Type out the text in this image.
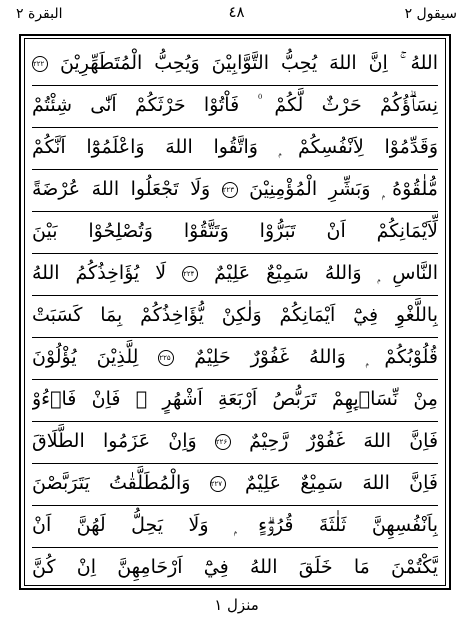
البقرة ٢	٤٨	سيقول ٢
اللهُ ۚ اِنَّ اللهَ يُحِبُّ التَّوَّابِيْنَ وَيُحِبُّ الْمُتَطَهِّرِيْنَ ۲۲۲
نِسَاۗؤُكُمْ حَرْثٌ لَّكُمْ ۠ فَاْتُوْا حَرْثَكُمْ اَنّٰى شِئْتُمْ
وَقَدِّمُوْا لِاَنْفُسِكُمْ ۭ وَاتَّقُوا اللهَ وَاعْلَمُوْٓا اَنَّكُمْ
مُّلٰقُوْهُ ۭ وَبَشِّرِ الْمُؤْمِنِيْنَ ۲۲۳ وَلَا تَجْعَلُوا اللهَ عُرْضَةً
لِّاَيْمَانِكُمْ اَنْ تَبَرُّوْا وَتَتَّقُوْا وَتُصْلِحُوْا بَيْنَ
النَّاسِ ۭ وَاللهُ سَمِيْعٌ عَلِيْمٌ ۲۲۴ لَا يُؤَاخِذُكُمُ اللهُ
بِاللَّغْوِ فِيْٓ اَيْمَانِكُمْ وَلٰكِنْ يُّؤَاخِذُكُمْ بِمَا كَسَبَتْ
قُلُوْبُكُمْ ۭ وَاللهُ غَفُوْرٌ حَلِيْمٌ ۲۲۵ لِلَّذِيْنَ يُؤْلُوْنَ
مِنْ نِّسَاۗىِٕهِمْ تَرَبُّصُ اَرْبَعَةِ اَشْهُرٍ ۚ فَاِنْ فَاۗءُوْ
فَاِنَّ اللهَ غَفُوْرٌ رَّحِيْمٌ ۲۲۶ وَاِنْ عَزَمُوا الطَّلَاقَ
فَاِنَّ اللهَ سَمِيْعٌ عَلِيْمٌ ۲۲۷ وَالْمُطَلَّقٰتُ يَتَرَبَّصْنَ
بِاَنْفُسِهِنَّ ثَلٰثَةَ قُرُوْۗءٍ ۭ وَلَا يَحِلُّ لَهُنَّ اَنْ
يَّكْتُمْنَ مَا خَلَقَ اللهُ فِيْٓ اَرْحَامِهِنَّ اِنْ كُنَّ
منزل ١
